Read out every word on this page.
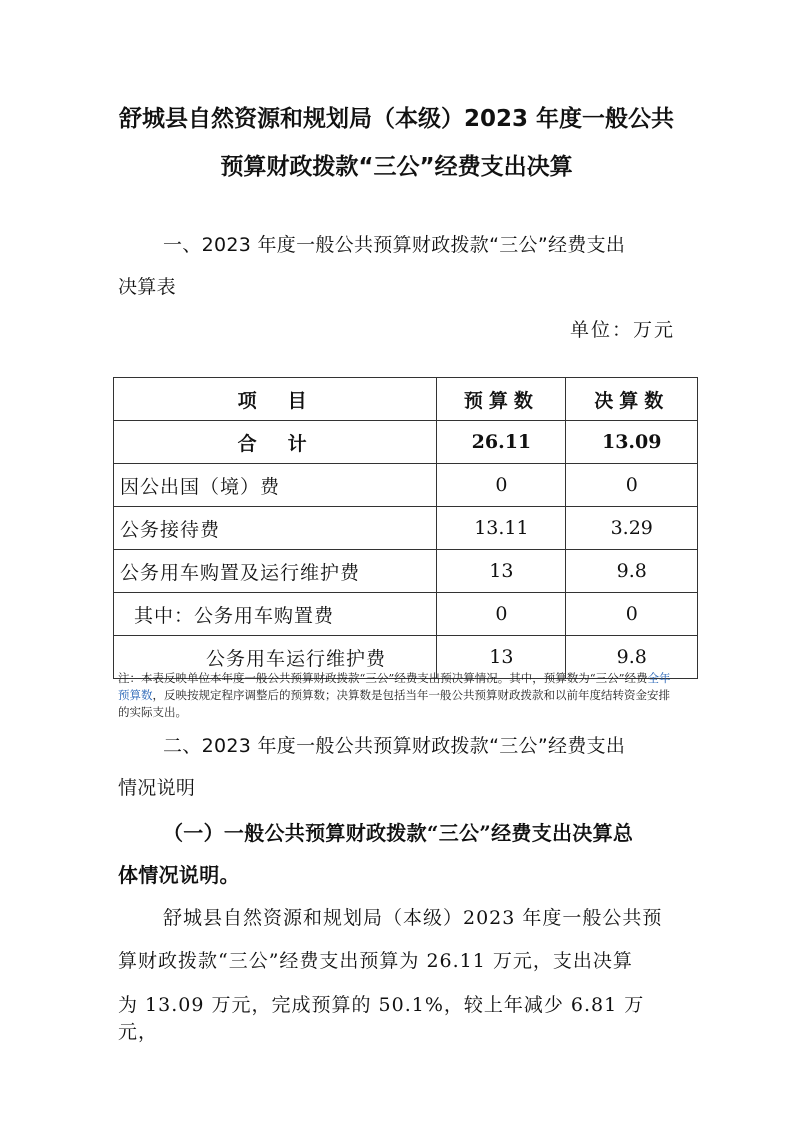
舒城县自然资源和规划局（本级）2023 年度一般公共
预算财政拨款“三公”经费支出决算
一、2023 年度一般公共预算财政拨款“三公”经费支出
决算表
单位：万元
项　目	预算数	决算数
合　计	26.11	13.09
因公出国（境）费	0	0
公务接待费	13.11	3.29
公务用车购置及运行维护费	13	9.8
其中：公务用车购置费	0	0
公务用车运行维护费	13	9.8
注：本表反映单位本年度一般公共预算财政拨款“三公”经费支出预决算情况。其中，预算数为“三公”经费全年预算数，反映按规定程序调整后的预算数；决算数是包括当年一般公共预算财政拨款和以前年度结转资金安排的实际支出。
二、2023 年度一般公共预算财政拨款“三公”经费支出
情况说明
（一）一般公共预算财政拨款“三公”经费支出决算总
体情况说明。
舒城县自然资源和规划局（本级）2023 年度一般公共预
算财政拨款“三公”经费支出预算为 26.11 万元，支出决算
为 13.09 万元，完成预算的 50.1%，较上年减少 6.81 万元，
